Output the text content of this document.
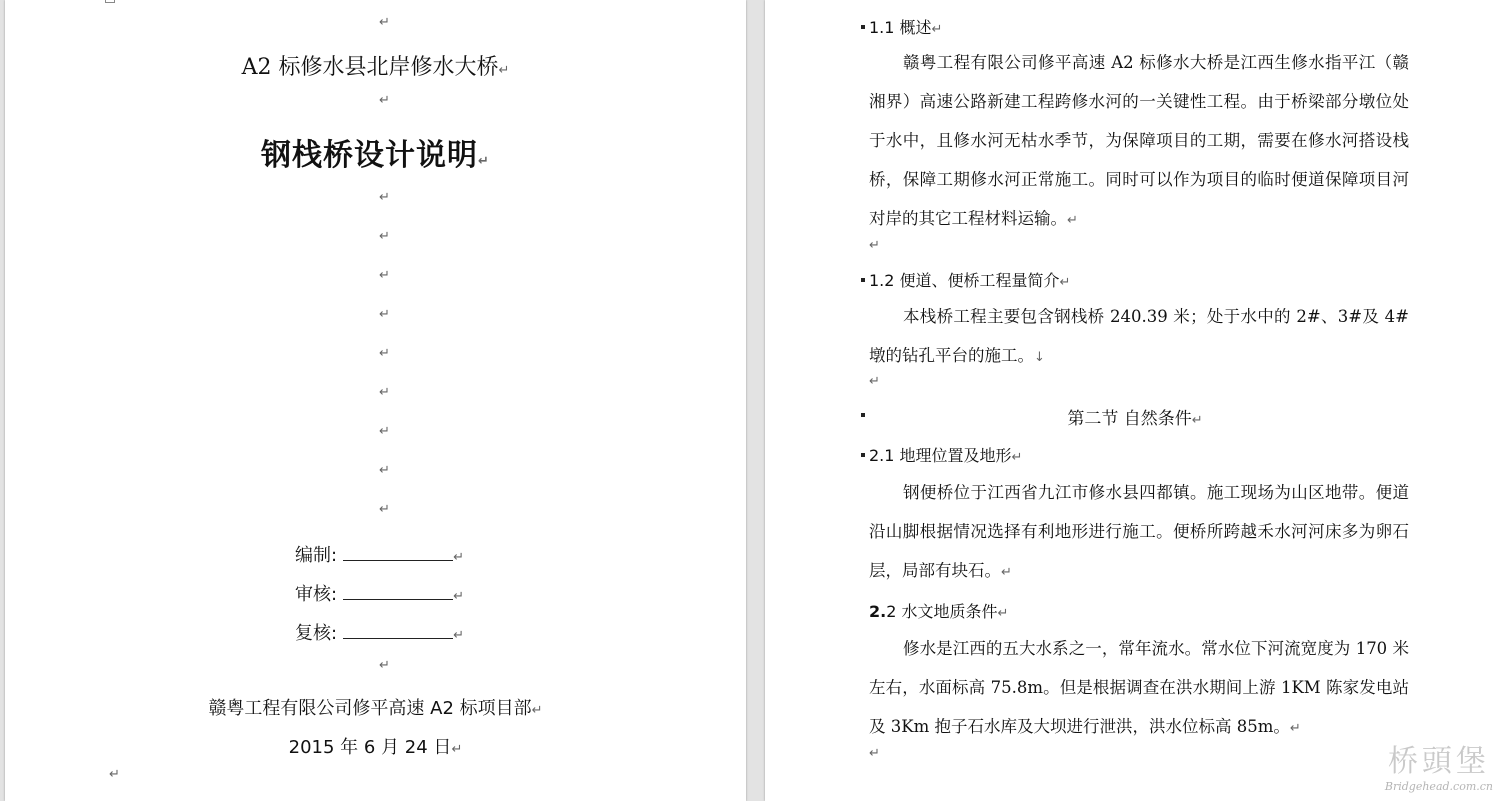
↵
A2 标修水县北岸修水大桥↵
↵
钢栈桥设计说明↵
↵
↵
↵
↵
↵
↵
↵
↵
↵
编制:	↵
审核:	↵
复核:	↵
↵
赣粤工程有限公司修平高速 A2 标项目部↵
2015 年 6 月 24 日↵
↵
1.1 概述↵
赣粤工程有限公司修平高速 A2 标修水大桥是江西生修水指平江（赣湘界）高速公路新建工程跨修水河的一关键性工程。由于桥梁部分墩位处于水中，且修水河无枯水季节，为保障项目的工期，需要在修水河搭设栈桥，保障工期修水河正常施工。同时可以作为项目的临时便道保障项目河对岸的其它工程材料运输。↵
↵
1.2 便道、便桥工程量简介↵
本栈桥工程主要包含钢栈桥 240.39 米；处于水中的 2#、3#及 4#墩的钻孔平台的施工。↓
↵
第二节 自然条件↵
2.1 地理位置及地形↵
钢便桥位于江西省九江市修水县四都镇。施工现场为山区地带。便道沿山脚根据情况选择有利地形进行施工。便桥所跨越禾水河河床多为卵石层，局部有块石。↵
2.2 水文地质条件↵
修水是江西的五大水系之一，常年流水。常水位下河流宽度为 170 米左右，水面标高 75.8m。但是根据调查在洪水期间上游 1KM 陈家发电站及 3Km 抱子石水库及大坝进行泄洪，洪水位标高 85m。↵
↵	桥頭堡
Bridgehead.com.cn
